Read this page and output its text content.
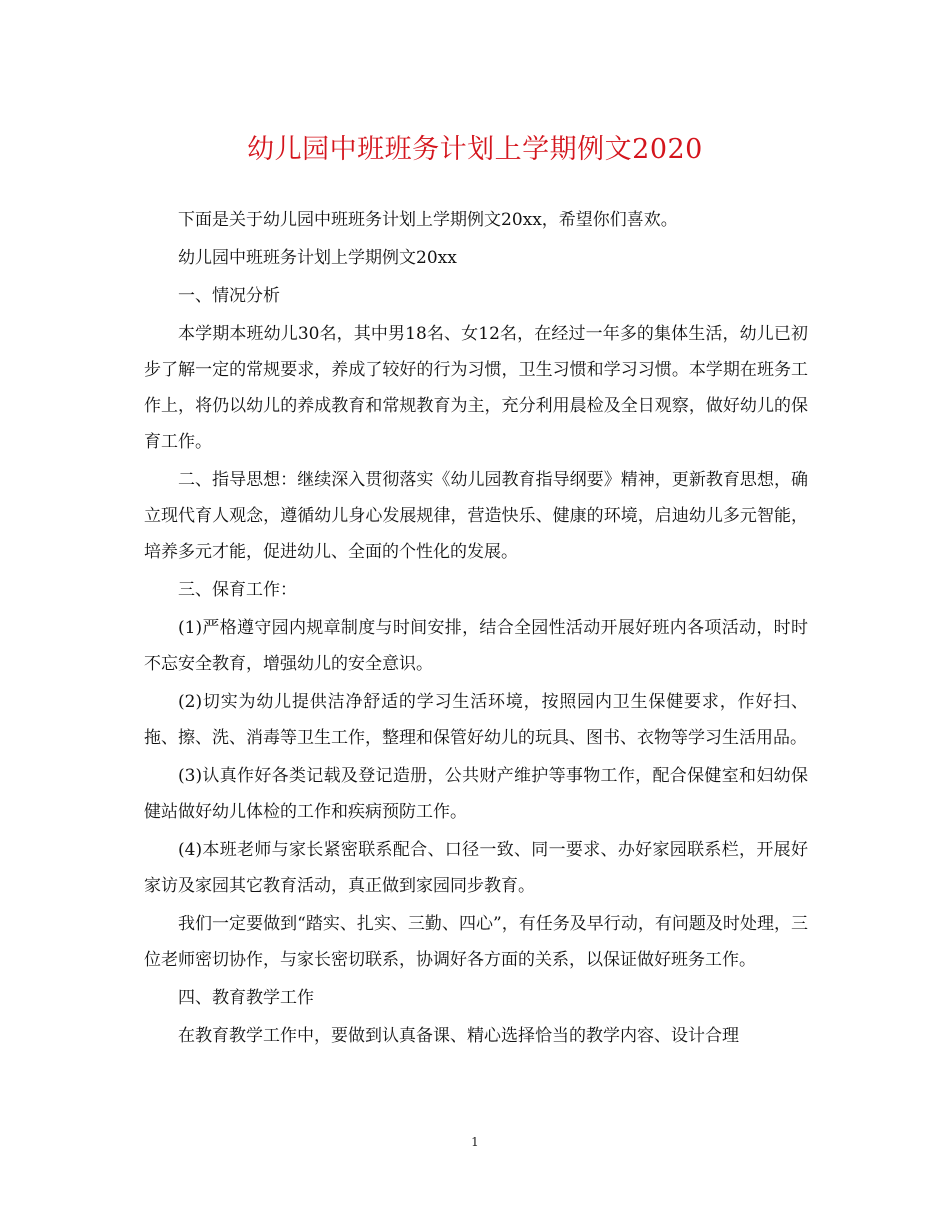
幼儿园中班班务计划上学期例文2020

下面是关于幼儿园中班班务计划上学期例文20xx，希望你们喜欢。

幼儿园中班班务计划上学期例文20xx

一、情况分析

本学期本班幼儿30名，其中男18名、女12名，在经过一年多的集体生活，幼儿已初步了解一定的常规要求，养成了较好的行为习惯，卫生习惯和学习习惯。本学期在班务工作上，将仍以幼儿的养成教育和常规教育为主，充分利用晨检及全日观察，做好幼儿的保育工作。

二、指导思想：继续深入贯彻落实《幼儿园教育指导纲要》精神，更新教育思想，确立现代育人观念，遵循幼儿身心发展规律，营造快乐、健康的环境，启迪幼儿多元智能，培养多元才能，促进幼儿、全面的个性化的发展。

三、保育工作：

(1)严格遵守园内规章制度与时间安排，结合全园性活动开展好班内各项活动，时时不忘安全教育，增强幼儿的安全意识。

(2)切实为幼儿提供洁净舒适的学习生活环境，按照园内卫生保健要求，作好扫、拖、擦、洗、消毒等卫生工作，整理和保管好幼儿的玩具、图书、衣物等学习生活用品。

(3)认真作好各类记载及登记造册，公共财产维护等事物工作，配合保健室和妇幼保健站做好幼儿体检的工作和疾病预防工作。

(4)本班老师与家长紧密联系配合、口径一致、同一要求、办好家园联系栏，开展好家访及家园其它教育活动，真正做到家园同步教育。

我们一定要做到“踏实、扎实、三勤、四心”，有任务及早行动，有问题及时处理，三位老师密切协作，与家长密切联系，协调好各方面的关系，以保证做好班务工作。

四、教育教学工作

在教育教学工作中，要做到认真备课、精心选择恰当的教学内容、设计合理

1
